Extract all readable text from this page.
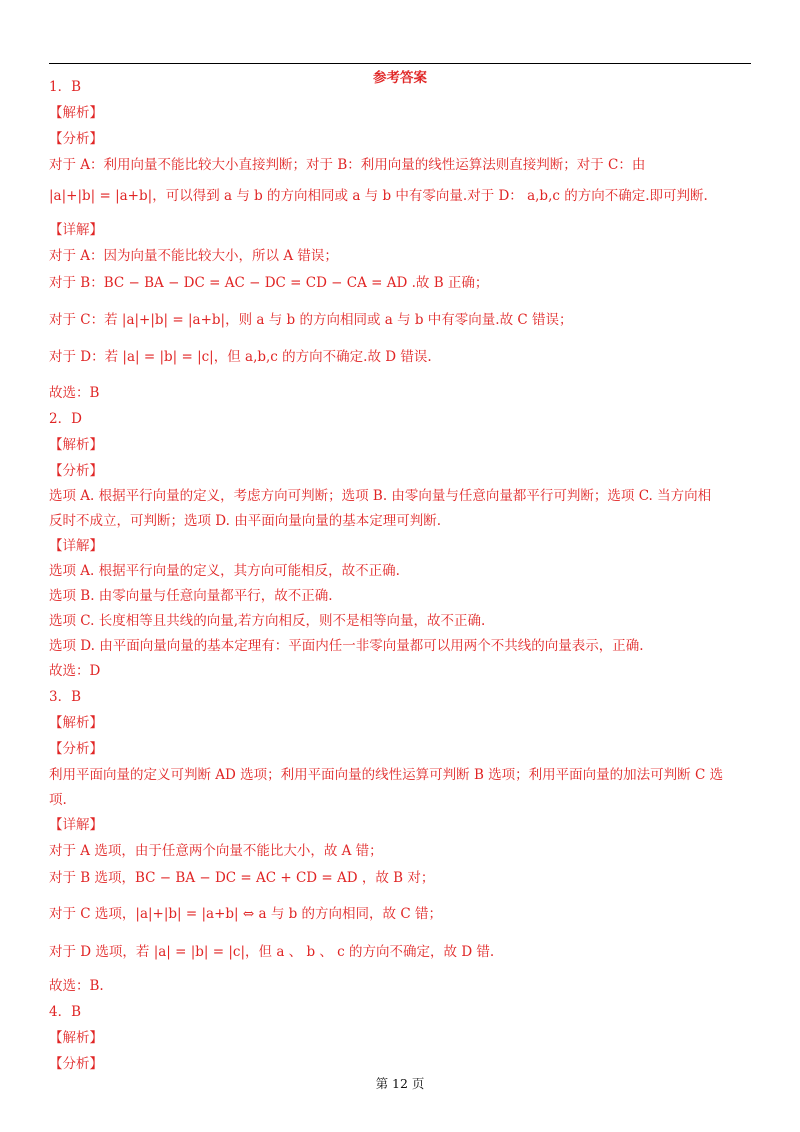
参考答案
1．B
【解析】
【分析】
对于 A：利用向量不能比较大小直接判断；对于 B：利用向量的线性运算法则直接判断；对于 C：由
|a|+|b| = |a+b|，可以得到 a 与 b 的方向相同或 a 与 b 中有零向量.对于 D： a,b,c 的方向不确定.即可判断.
【详解】
对于 A：因为向量不能比较大小，所以 A 错误；
对于 B：BC − BA − DC = AC − DC = CD − CA = AD .故 B 正确；
对于 C：若 |a|+|b| = |a+b|，则 a 与 b 的方向相同或 a 与 b 中有零向量.故 C 错误；
对于 D：若 |a| = |b| = |c|，但 a,b,c 的方向不确定.故 D 错误.
故选：B
2．D
【解析】
【分析】
选项 A. 根据平行向量的定义，考虑方向可判断；选项 B. 由零向量与任意向量都平行可判断；选项 C. 当方向相
反时不成立，可判断；选项 D. 由平面向量向量的基本定理可判断.
【详解】
选项 A. 根据平行向量的定义，其方向可能相反，故不正确.
选项 B. 由零向量与任意向量都平行，故不正确.
选项 C. 长度相等且共线的向量,若方向相反，则不是相等向量，故不正确.
选项 D. 由平面向量向量的基本定理有：平面内任一非零向量都可以用两个不共线的向量表示，正确.
故选：D
3．B
【解析】
【分析】
利用平面向量的定义可判断 AD 选项；利用平面向量的线性运算可判断 B 选项；利用平面向量的加法可判断 C 选
项.
【详解】
对于 A 选项，由于任意两个向量不能比大小，故 A 错；
对于 B 选项，BC − BA − DC = AC + CD = AD ，故 B 对；
对于 C 选项，|a|+|b| = |a+b| ⇔ a 与 b 的方向相同，故 C 错；
对于 D 选项，若 |a| = |b| = |c|，但 a 、 b 、 c 的方向不确定，故 D 错.
故选：B.
4．B
【解析】
【分析】
第 12 页
